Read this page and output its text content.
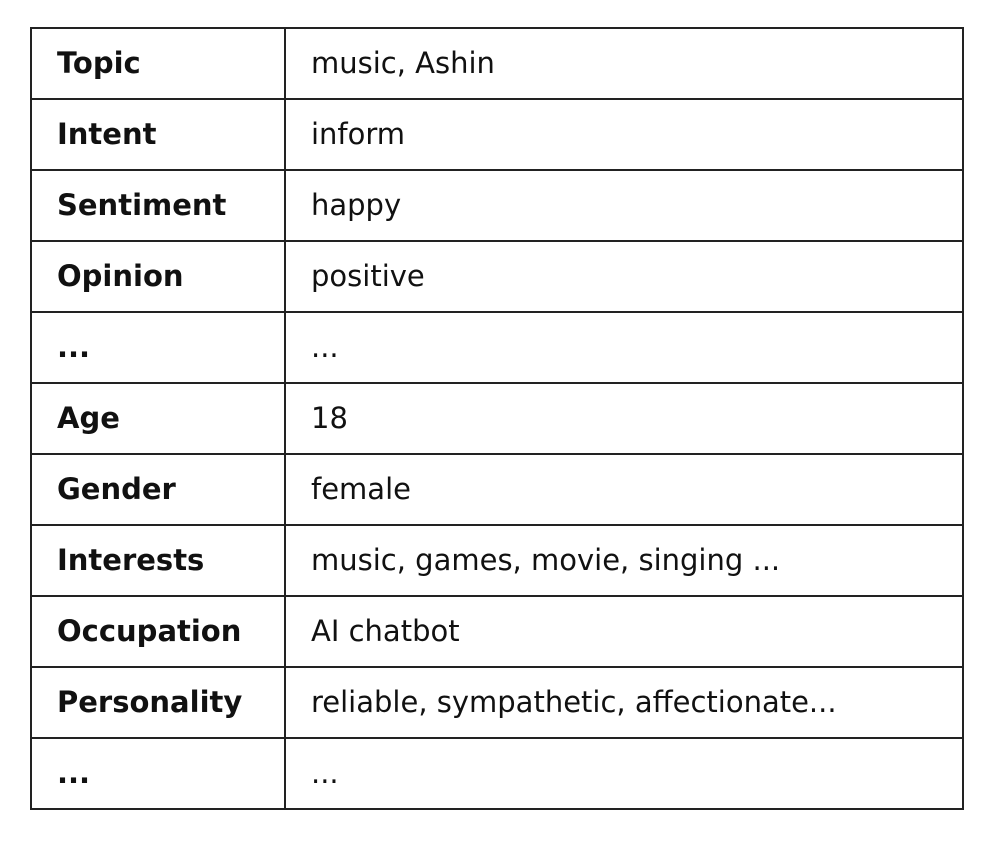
Topic	music, Ashin
Intent	inform
Sentiment	happy
Opinion	positive
...	...
Age	18
Gender	female
Interests	music, games, movie, singing ...
Occupation	AI chatbot
Personality	reliable, sympathetic, affectionate...
...	...
